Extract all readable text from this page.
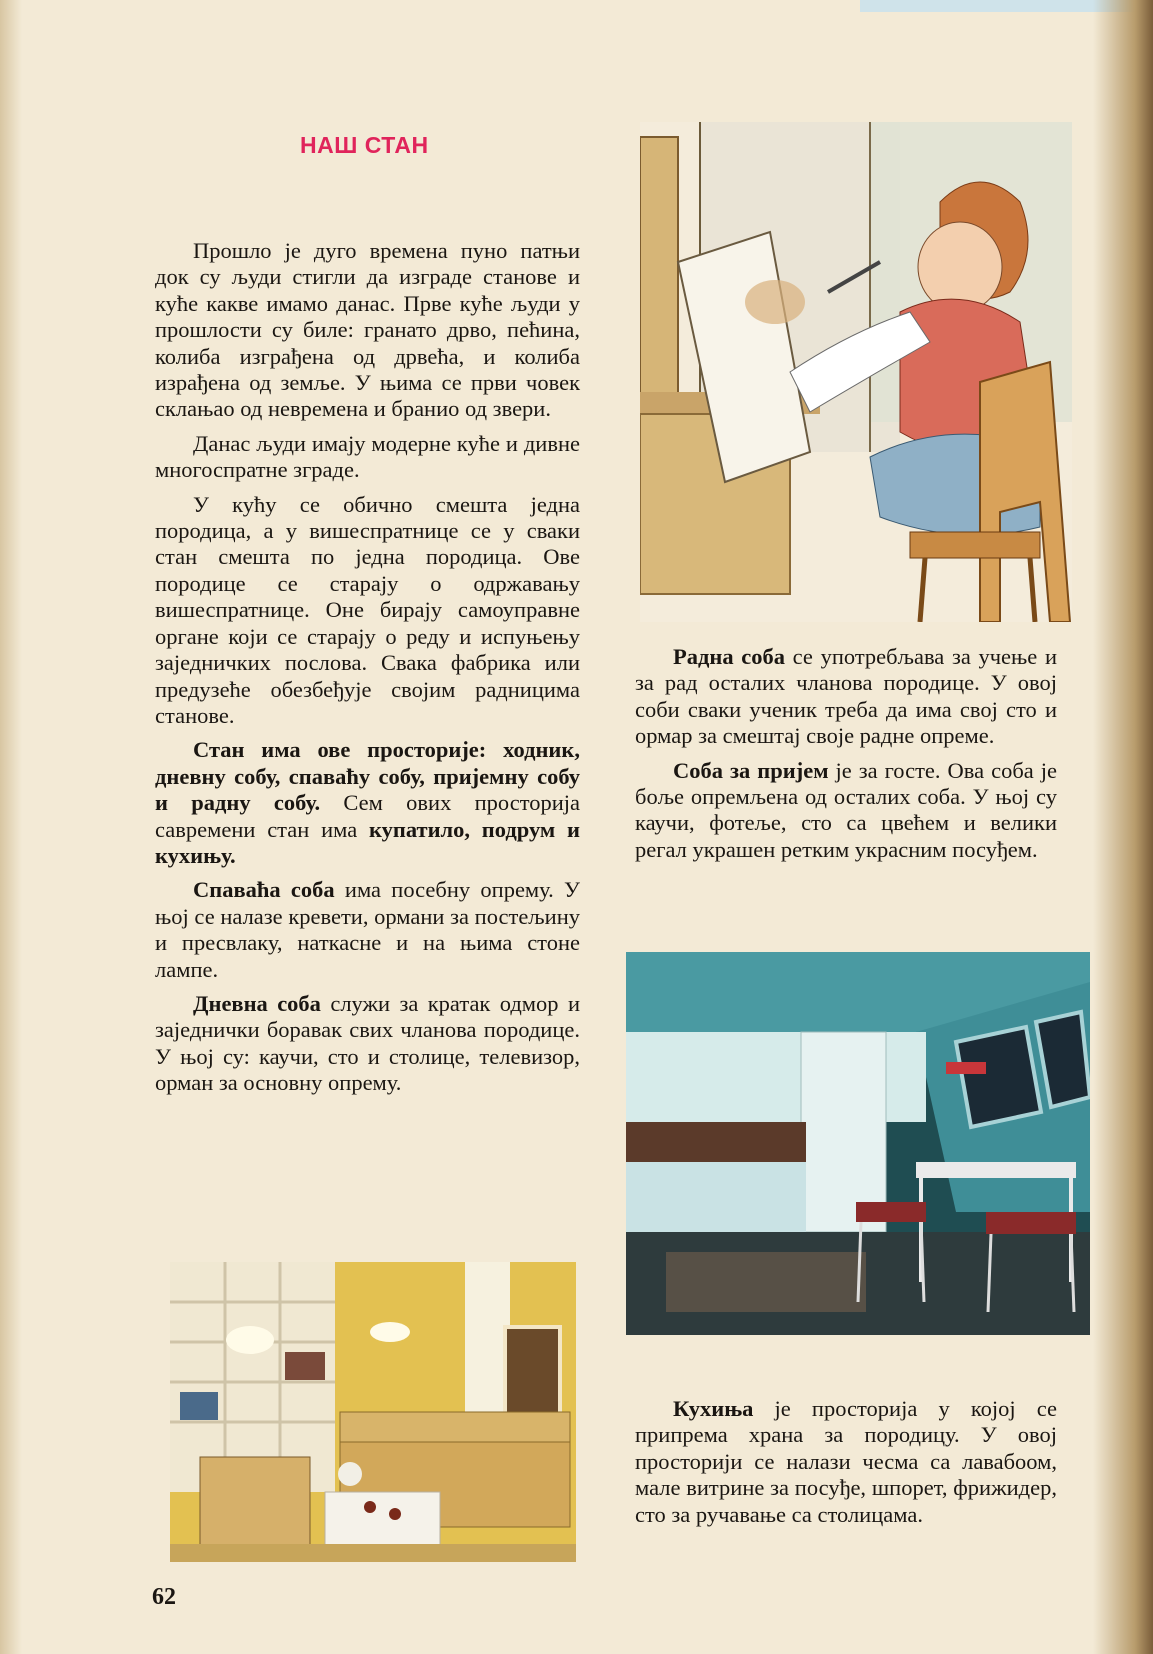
НАШ СТАН

Прошло је дуго времена пуно патњи док су људи стигли да изграде станове и куће какве имамо данас. Прве куће људи у прошлости су биле: гранато дрво, пећина, колиба изграђена од дрвећа, и колиба израђена од земље. У њима се први човек склањао од невремена и бранио од звери.

Данас људи имају модерне куће и дивне многоспратне зграде.

У кућу се обично смешта једна породица, а у вишеспратнице се у сваки стан смешта по једна породица. Ове породице се старају о одржавању вишеспратнице. Оне бирају самоуправне органе који се старају о реду и испуњењу заједничких послова. Свака фабрика или предузеће обезбеђује својим радницима станове.

Стан има ове просторије: ходник, дневну собу, спаваћу собу, пријемну собу и радну собу. Сем ових просторија савремени стан има купатило, подрум и кухињу.

Спаваћа соба има посебну опрему. У њој се налазе кревети, ормани за постељину и пресвлаку, наткасне и на њима стоне лампе.

Дневна соба служи за кратак одмор и заједнички боравак свих чланова породице. У њој су: каучи, сто и столице, телевизор, орман за основну опрему.

Радна соба се употребљава за учење и за рад осталих чланова породице. У овој соби сваки ученик треба да има свој сто и ормар за смештај своје радне опреме.

Соба за пријем је за госте. Ова соба је боље опремљена од осталих соба. У њој су каучи, фотеље, сто са цвећем и велики регал украшен ретким украсним посуђем.

Кухиња је просторија у којој се припрема храна за породицу. У овој просторији се налази чесма са лавабоом, мале витрине за посуђе, шпорет, фрижидер, сто за ручавање са столицама.

62
